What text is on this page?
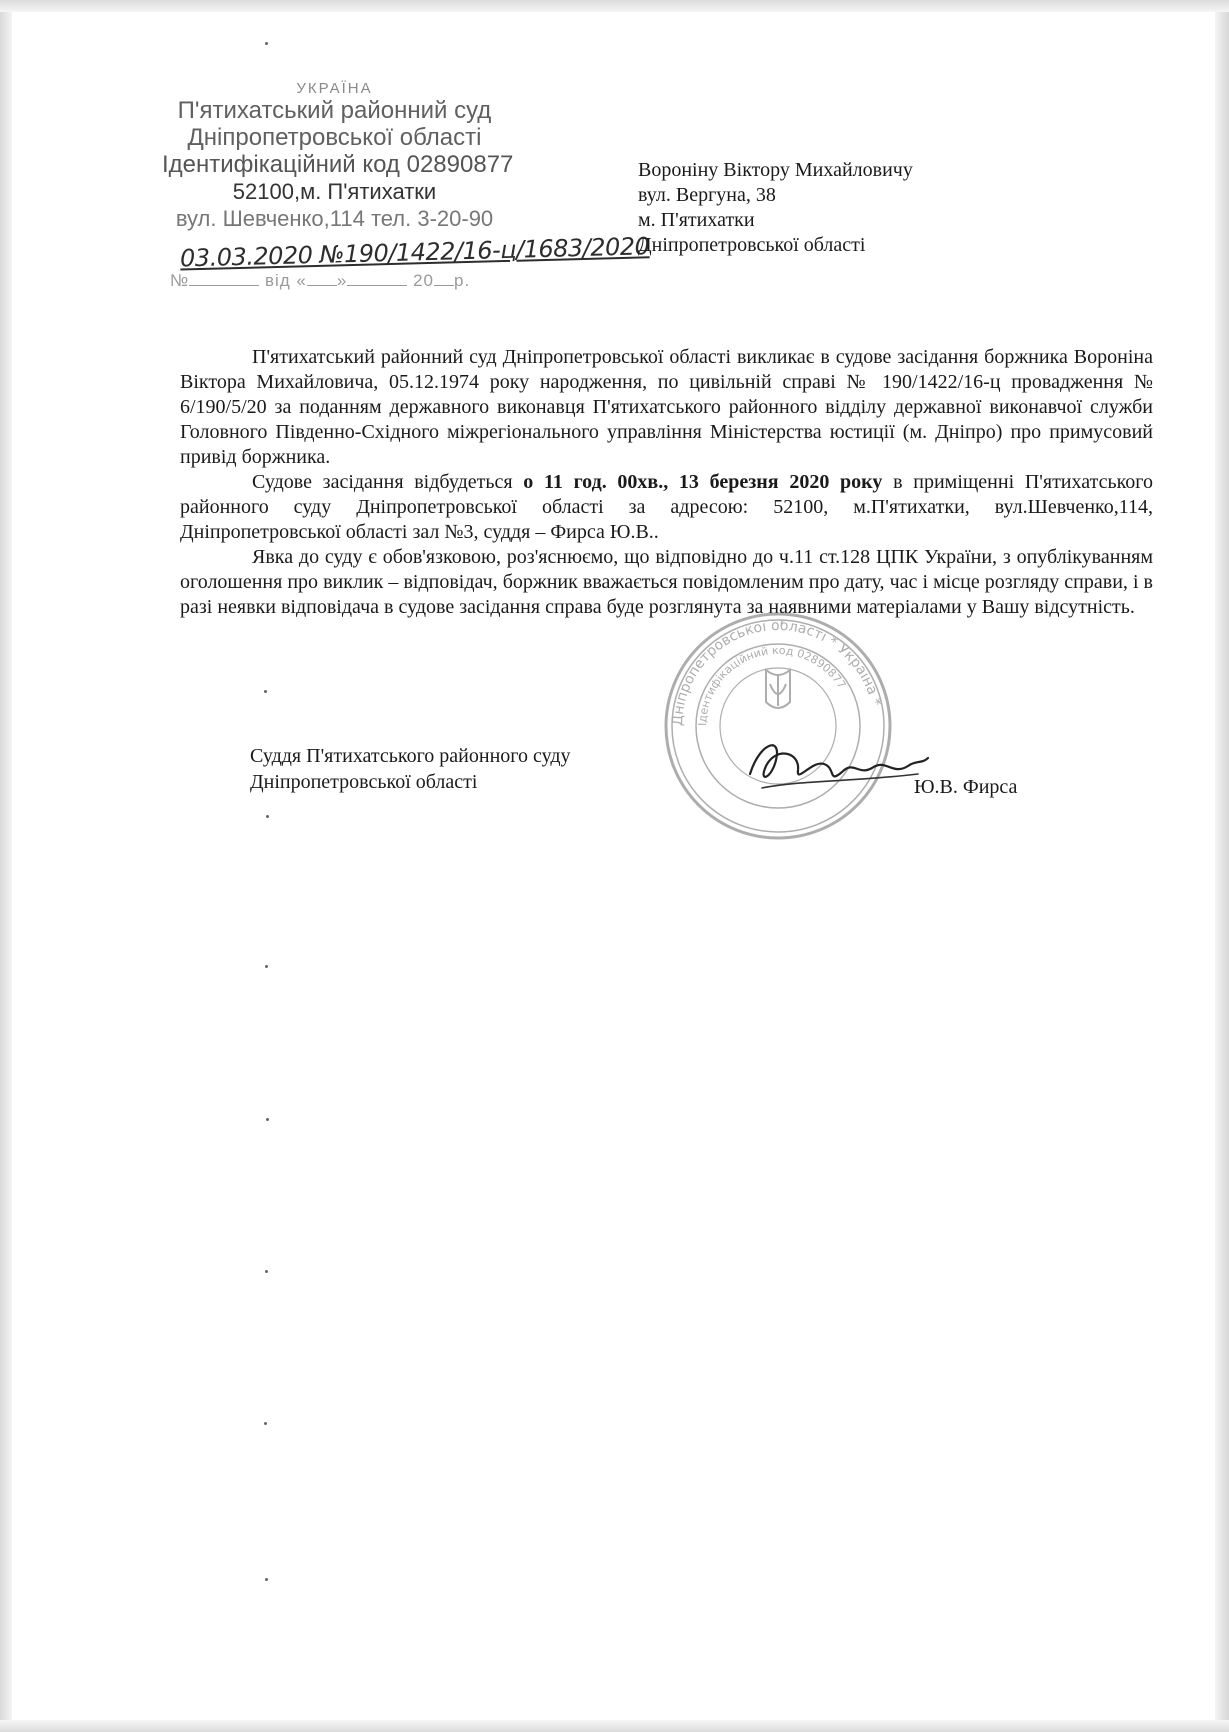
УКРАЇНА
П'ятихатський районний суд
Дніпропетровської області
Ідентифікаційний код 02890877
52100,м. П'ятихатки
вул. Шевченко,114 тел. 3-20-90
03.03.2020 №190/1422/16-ц/1683/2020
№	від « »	20 р.
Вороніну Віктору Михайловичу
вул. Вергуна, 38
м. П'ятихатки
Дніпропетровської області

П'ятихатський районний суд Дніпропетровської області викликає в судове засідання боржника Вороніна Віктора Михайловича, 05.12.1974 року народження, по цивільній справі № 190/1422/16-ц провадження № 6/190/5/20 за поданням державного виконавця П'ятихатського районного відділу державної виконавчої служби Головного Південно-Східного міжрегіонального управління Міністерства юстиції (м. Дніпро) про примусовий привід боржника.

Судове засідання відбудеться о 11 год. 00хв., 13 березня 2020 року в приміщенні П'ятихатського районного суду Дніпропетровської області за адресою: 52100, м.П'ятихатки, вул.Шевченко,114, Дніпропетровської області зал №3, суддя – Фирса Ю.В..

Явка до суду є обов'язковою, роз'яснюємо, що відповідно до ч.11 ст.128 ЦПК України, з опублікуванням оголошення про виклик – відповідач, боржник вважається повідомленим про дату, час і місце розгляду справи, і в разі неявки відповідача в судове засідання справа буде розглянута за наявними матеріалами у Вашу відсутність.

Дніпропетровської області * Україна *
Ідентифікаційний код 02890877
Суддя П'ятихатського районного суду
Дніпропетровської області	Ю.В. Фирса
